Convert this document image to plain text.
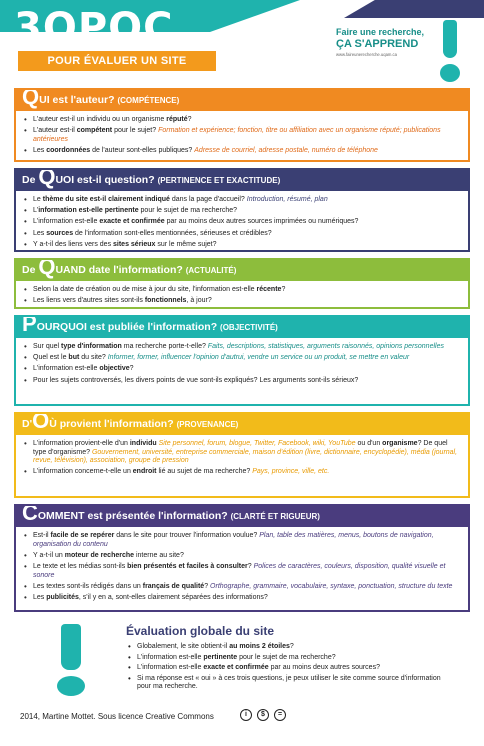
3QPOC
POUR ÉVALUER UN SITE INTERNET
Faire une recherche,
ÇA S'APPREND
www.faireunerecherche.uqam.ca
QUI est l'auteur? (COMPÉTENCE)
• L'auteur est-il un individu ou un organisme réputé?
• L'auteur est-il compétent pour le sujet? Formation et expérience; fonction, titre ou affiliation avec un organisme réputé; publications antérieures
• Les coordonnées de l'auteur sont-elles publiques? Adresse de courriel, adresse postale, numéro de téléphone
De QUOI est-il question? (PERTINENCE ET EXACTITUDE)
• Le thème du site est-il clairement indiqué dans la page d'accueil? Introduction, résumé, plan
• L'information est-elle pertinente pour le sujet de ma recherche?
• L'information est-elle exacte et confirmée par au moins deux autres sources imprimées ou numériques?
• Les sources de l'information sont-elles mentionnées, sérieuses et crédibles?
• Y a-t-il des liens vers des sites sérieux sur le même sujet?
De QUAND date l'information? (ACTUALITÉ)
• Selon la date de création ou de mise à jour du site, l'information est-elle récente?
• Les liens vers d'autres sites sont-ils fonctionnels, à jour?
POURQUOI est publiée l'information? (OBJECTIVITÉ)
• Sur quel type d'information ma recherche porte-t-elle? Faits, descriptions, statistiques, arguments raisonnés, opinions personnelles
• Quel est le but du site? Informer, former, influencer l'opinion d'autrui, vendre un service ou un produit, se mettre en valeur
• L'information est-elle objective?
• Pour les sujets controversés, les divers points de vue sont-ils expliqués? Les arguments sont-ils sérieux?
D'OÙ provient l'information? (PROVENANCE)
• L'information provient-elle d'un individu Site personnel, forum, blogue, Twitter, Facebook, wiki, YouTube ou d'un organisme? De quel type d'organisme? Gouvernement, université, entreprise commerciale, maison d'édition (livre, dictionnaire, encyclopédie), média (journal, revue, télévision), association, groupe de pression
• L'information concerne-t-elle un endroit lié au sujet de ma recherche? Pays, province, ville, etc.
COMMENT est présentée l'information? (CLARTÉ ET RIGUEUR)
• Est-il facile de se repérer dans le site pour trouver l'information voulue? Plan, table des matières, menus, boutons de navigation, organisation du contenu
• Y a-t-il un moteur de recherche interne au site?
• Le texte et les médias sont-ils bien présentés et faciles à consulter? Polices de caractères, couleurs, disposition, qualité visuelle et sonore
• Les textes sont-ils rédigés dans un français de qualité? Orthographe, grammaire, vocabulaire, syntaxe, ponctuation, structure du texte
• Les publicités, s'il y en a, sont-elles clairement séparées des informations?
Évaluation globale du site
• Globalement, le site obtient-il au moins 2 étoiles?
• L'information est-elle pertinente pour le sujet de ma recherche?
• L'information est-elle exacte et confirmée par au moins deux autres sources?
• Si ma réponse est « oui » à ces trois questions, je peux utiliser le site comme source d'information pour ma recherche.
2014, Martine Mottet. Sous licence Creative Commons	i	$	=
